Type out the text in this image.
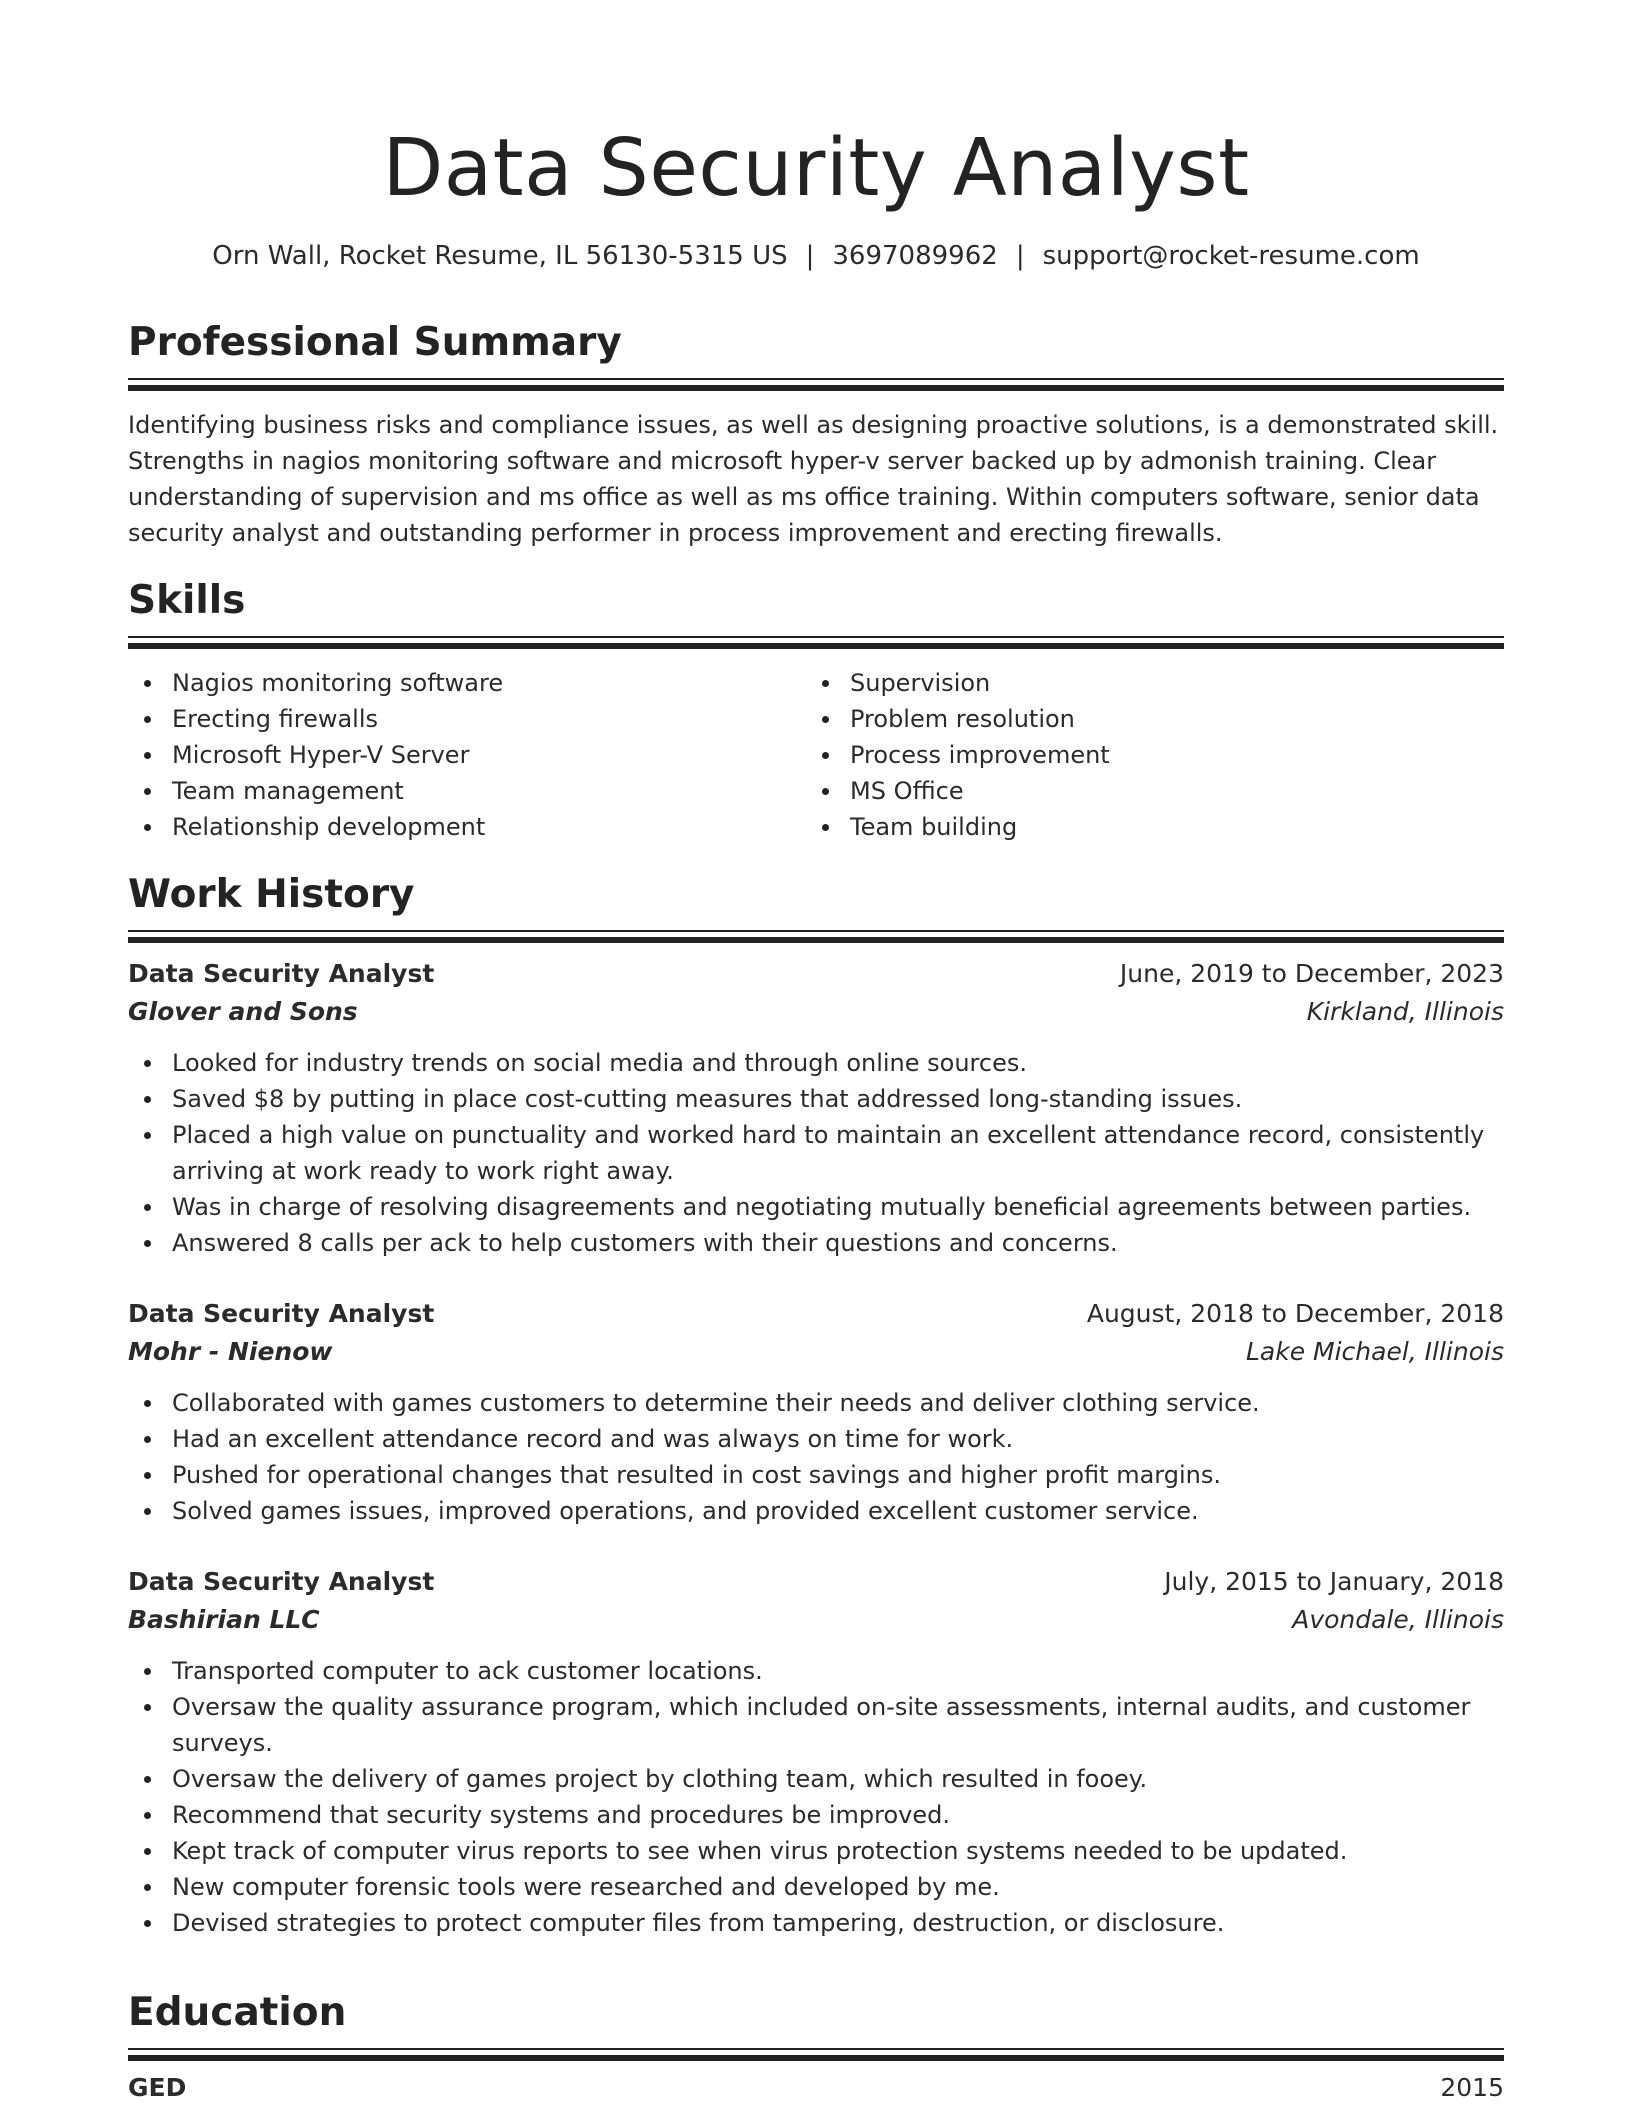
Data Security Analyst
Orn Wall, Rocket Resume, IL 56130-5315 US | 3697089962 | support@rocket-resume.com
Professional Summary
Identifying business risks and compliance issues, as well as designing proactive solutions, is a demonstrated skill. Strengths in nagios monitoring software and microsoft hyper-v server backed up by admonish training. Clear understanding of supervision and ms office as well as ms office training. Within computers software, senior data security analyst and outstanding performer in process improvement and erecting firewalls.
Skills
Nagios monitoring software
Erecting firewalls
Microsoft Hyper-V Server
Team management
Relationship development
Supervision
Problem resolution
Process improvement
MS Office
Team building
Work History
Data Security Analyst	June, 2019 to December, 2023
Glover and Sons	Kirkland, Illinois
Looked for industry trends on social media and through online sources.
Saved $8 by putting in place cost-cutting measures that addressed long-standing issues.
Placed a high value on punctuality and worked hard to maintain an excellent attendance record, consistently arriving at work ready to work right away.
Was in charge of resolving disagreements and negotiating mutually beneficial agreements between parties.
Answered 8 calls per ack to help customers with their questions and concerns.
Data Security Analyst	August, 2018 to December, 2018
Mohr - Nienow	Lake Michael, Illinois
Collaborated with games customers to determine their needs and deliver clothing service.
Had an excellent attendance record and was always on time for work.
Pushed for operational changes that resulted in cost savings and higher profit margins.
Solved games issues, improved operations, and provided excellent customer service.
Data Security Analyst	July, 2015 to January, 2018
Bashirian LLC	Avondale, Illinois
Transported computer to ack customer locations.
Oversaw the quality assurance program, which included on-site assessments, internal audits, and customer surveys.
Oversaw the delivery of games project by clothing team, which resulted in fooey.
Recommend that security systems and procedures be improved.
Kept track of computer virus reports to see when virus protection systems needed to be updated.
New computer forensic tools were researched and developed by me.
Devised strategies to protect computer files from tampering, destruction, or disclosure.
Education
GED	2015
